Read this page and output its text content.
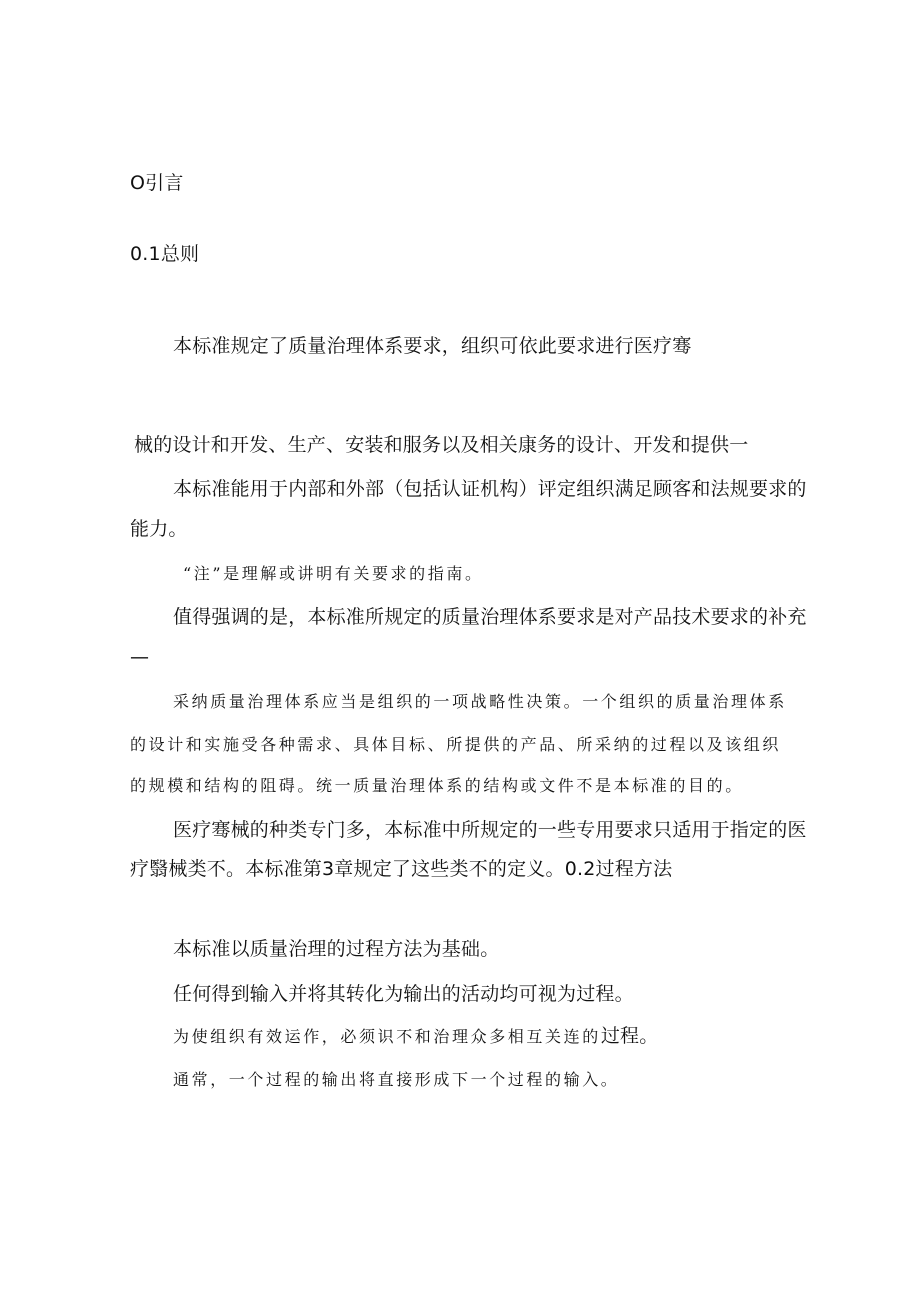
O引言
0.1总则
本标准规定了质量治理体系要求，组织可依此要求进行医疗骞
械的设计和开发、生产、安装和服务以及相关康务的设计、开发和提供一
本标准能用于内部和外部（包括认证机构）评定组织满足顾客和法规要求的
能力。
“注”是理解或讲明有关要求的指南。
值得强调的是，本标准所规定的质量治理体系要求是对产品技术要求的补充
—
采纳质量治理体系应当是组织的一项战略性决策。一个组织的质量治理体系
的设计和实施受各种需求、具体目标、所提供的产品、所采纳的过程以及该组织
的规模和结构的阻碍。统一质量治理体系的结构或文件不是本标准的目的。
医疗骞械的种类专门多，本标准中所规定的一些专用要求只适用于指定的医
疗翳械类不。本标准第3章规定了这些类不的定义。0.2过程方法
本标准以质量治理的过程方法为基础。
任何得到输入并将其转化为输出的活动均可视为过程。
为使组织有效运作，必须识不和治理众多相互关连的过程。
通常，一个过程的输出将直接形成下一个过程的输入。
